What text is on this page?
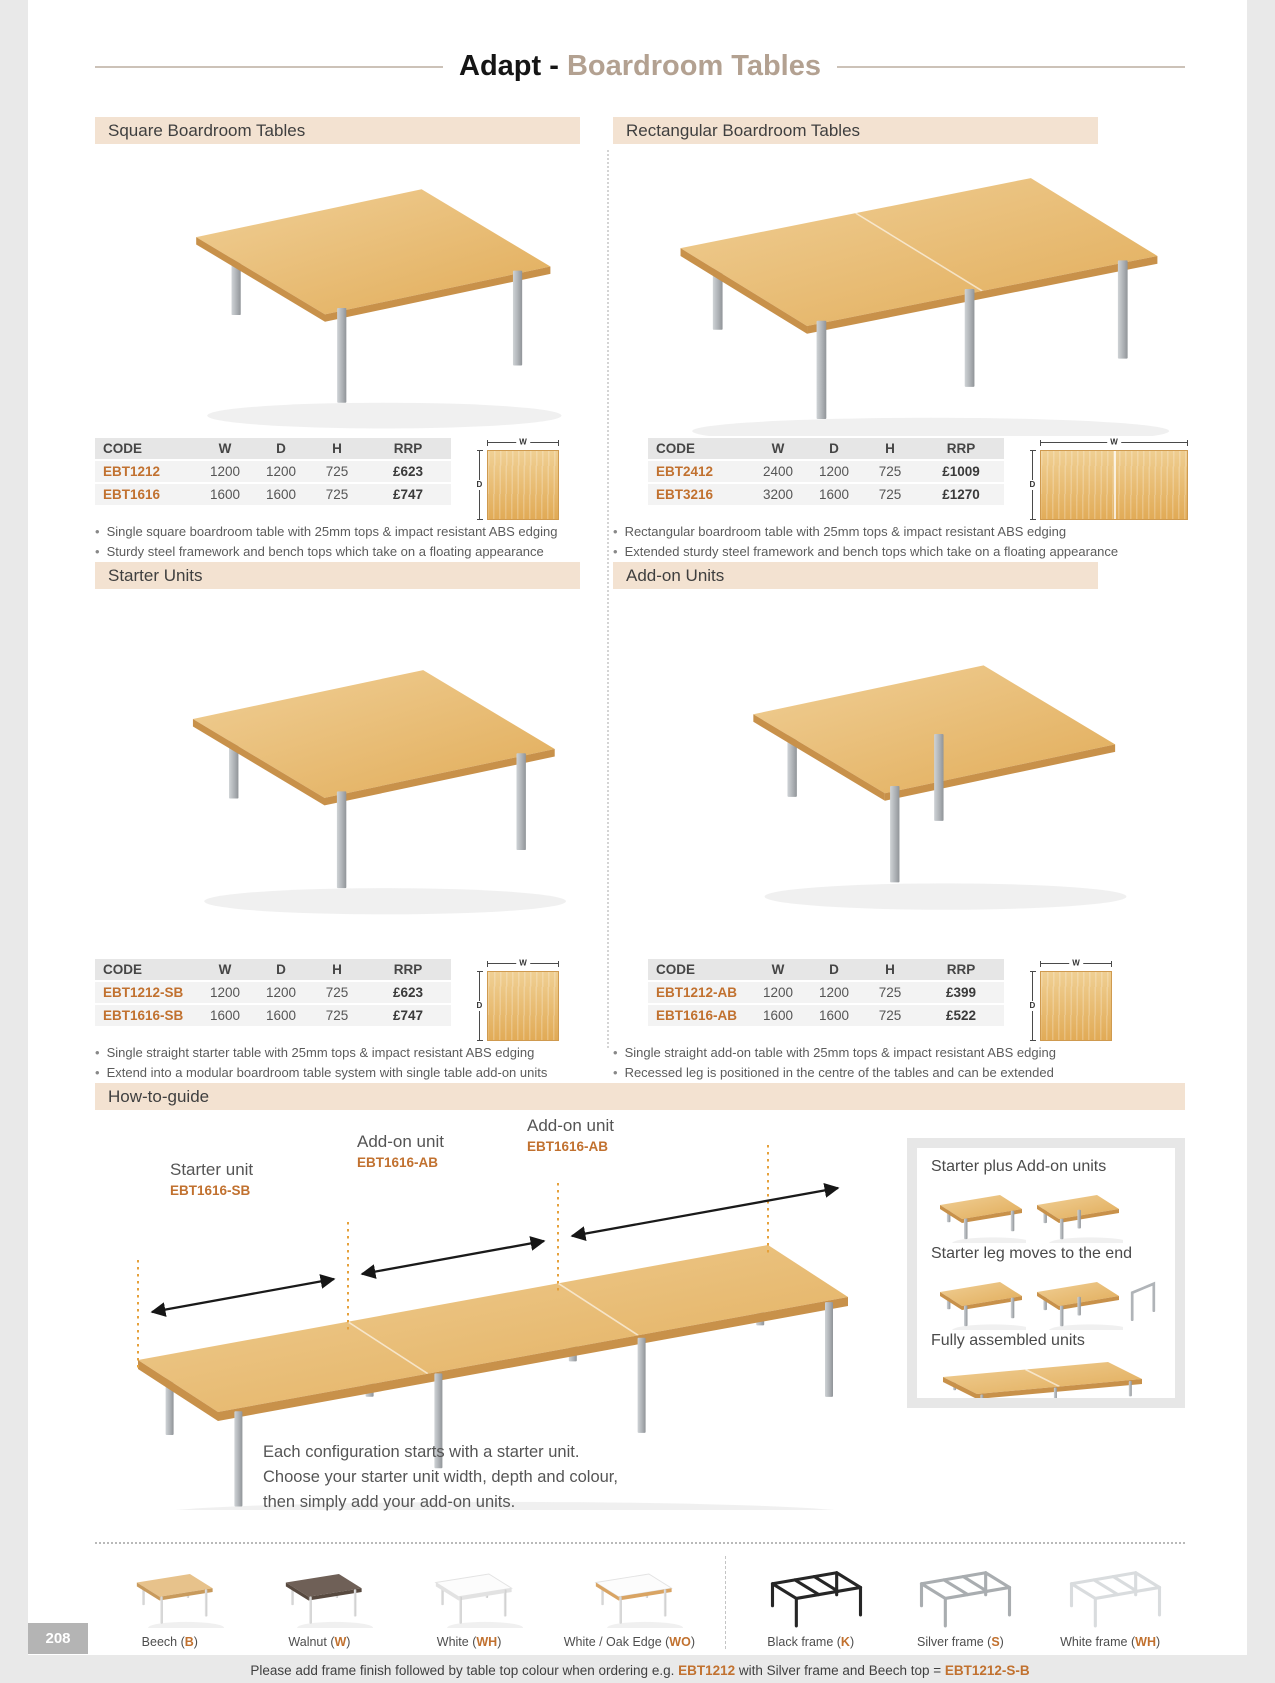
Adapt - Boardroom Tables
Square Boardroom Tables
CODE	W	D	H	RRP
EBT1212	1200	1200	725	£623
EBT1616	1600	1600	725	£747
W
D
• Single square boardroom table with 25mm tops & impact resistant ABS edging
• Sturdy steel framework and bench tops which take on a floating appearance
Rectangular Boardroom Tables
CODE	W	D	H	RRP
EBT2412	2400	1200	725	£1009
EBT3216	3200	1600	725	£1270
W
D
• Rectangular boardroom table with 25mm tops & impact resistant ABS edging
• Extended sturdy steel framework and bench tops which take on a floating appearance
Starter Units
CODE	W	D	H	RRP
EBT1212-SB	1200	1200	725	£623
EBT1616-SB	1600	1600	725	£747
W
D
• Single straight starter table with 25mm tops & impact resistant ABS edging
• Extend into a modular boardroom table system with single table add-on units
Add-on Units
CODE	W	D	H	RRP
EBT1212-AB	1200	1200	725	£399
EBT1616-AB	1600	1600	725	£522
W
D
• Single straight add-on table with 25mm tops & impact resistant ABS edging
• Recessed leg is positioned in the centre of the tables and can be extended
How-to-guide
Starter unit
EBT1616-SB
Add-on unit
EBT1616-AB
Add-on unit
EBT1616-AB
Each configuration starts with a starter unit.
Choose your starter unit width, depth and colour,
then simply add your add-on units.
Starter plus Add-on units
Starter leg moves to the end
Fully assembled units
Beech (B)	Walnut (W)	White (WH)	White / Oak Edge (WO)	Black frame (K)	Silver frame (S)	White frame (WH)
Please add frame finish followed by table top colour when ordering e.g. EBT1212 with Silver frame and Beech top = EBT1212-S-B
208
